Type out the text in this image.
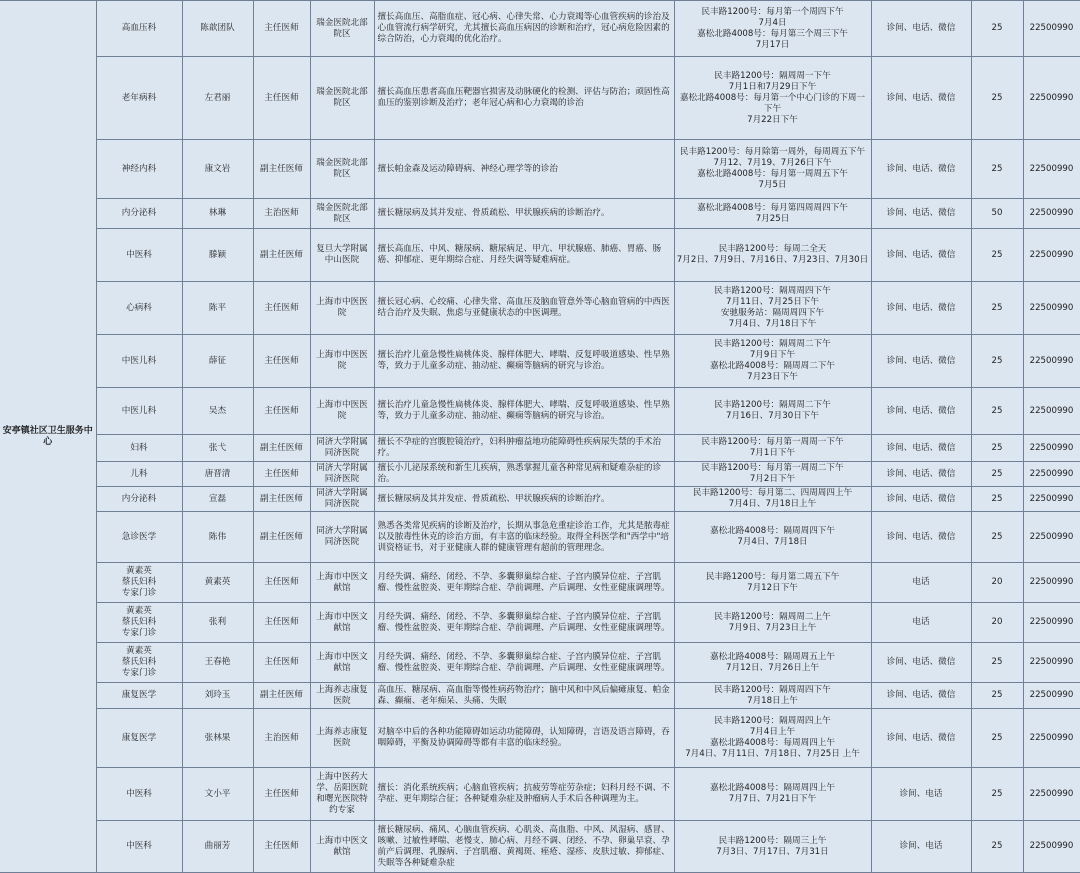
安亭镇社区卫生服务中心	高血压科	陈歆团队	主任医师	瑞金医院北部院区	擅长高血压、高脂血症、冠心病、心律失常、心力衰竭等心血管疾病的诊治及心血管流行病学研究，尤其擅长高血压病因的诊断和治疗，冠心病危险因素的综合防治，心力衰竭的优化治疗。	民丰路1200号：每月第一个周四下午
7月4日
嘉松北路4008号：每月第三个周三下午
7月17日	诊间、电话、微信	25	22500990
	老年病科	左君丽	主任医师	瑞金医院北部院区	擅长高血压患者高血压靶器官损害及动脉硬化的检测、评估与防治；顽固性高血压的鉴别诊断及治疗；老年冠心病和心力衰竭的诊治	民丰路1200号：隔周周一下午
7月1日和7月29日下午
嘉松北路4008号：每月第一个中心门诊的下周一下午
7月22日下午	诊间、电话、微信	25	22500990
	神经内科	康文岩	副主任医师	瑞金医院北部院区	擅长帕金森及运动障碍病、神经心理学等的诊治	民丰路1200号：每月除第一周外，每周周五下午
7月12、7月19、7月26日下午
嘉松北路4008号：每月第一周周五下午
7月5日	诊间、电话、微信	25	22500990
	内分泌科	林琳	主治医师	瑞金医院北部院区	擅长糖尿病及其并发症、骨质疏松、甲状腺疾病的诊断治疗。	嘉松北路4008号：每月第四周周四下午
7月25日	诊间、电话、微信	50	22500990
	中医科	滕颖	副主任医师	复旦大学附属中山医院	擅长高血压、中风、糖尿病、糖尿病足、甲亢、甲状腺癌、肺癌、胃癌、肠癌、抑郁症、更年期综合症、月经失调等疑难病症。	民丰路1200号：每周二全天
7月2日、7月9日、7月16日、7月23日、7月30日	诊间、电话、微信	25	22500990
	心病科	陈平	主任医师	上海市中医医院	擅长冠心病、心绞痛、心律失常、高血压及脑血管意外等心脑血管病的中西医结合治疗及失眠、焦虑与亚健康状态的中医调理。	民丰路1200号：隔周周四下午
7月11日、7月25日下午
安驰服务站：隔周周四下午
7月4日、7月18日下午	诊间、电话、微信	25	22500990
	中医儿科	薛征	主任医师	上海市中医医院	擅长治疗儿童急慢性扁桃体炎、腺样体肥大、哮喘、反复呼吸道感染、性早熟等，致力于儿童多动症、抽动症、癫痫等脑病的研究与诊治。	民丰路1200号：隔周周二下午
7月9日下午
嘉松北路4008号：隔周周二下午
7月23日下午	诊间、电话、微信	25	22500990
	中医儿科	吴杰	主任医师	上海市中医医院	擅长治疗儿童急慢性扁桃体炎、腺样体肥大、哮喘、反复呼吸道感染、性早熟等，致力于儿童多动症、抽动症、癫痫等脑病的研究与诊治。	民丰路1200号：隔周周二下午
7月16日、7月30日下午	诊间、电话、微信	25	22500990
	妇科	张弋	副主任医师	同济大学附属同济医院	擅长不孕症的宫腹腔镜治疗，妇科肿瘤益地功能障碍性疾病尿失禁的手术治疗。	民丰路1200号：每月第一周周一下午
7月1日下午	诊间、电话、微信	25	22500990
	儿科	唐晋清	主任医师	同济大学附属同济医院	擅长小儿泌尿系统和新生儿疾病，熟悉掌握儿童各种常见病和疑难杂症的诊治。	民丰路1200号：每月第一周周二下午
7月2日下午	诊间、电话、微信	25	22500990
	内分泌科	宣磊	副主任医师	同济大学附属同济医院	擅长糖尿病及其并发症、骨质疏松、甲状腺疾病的诊断治疗。	民丰路1200号：每月第二、四周周四上午
7月4日、7月18日上午	诊间、电话、微信	25	22500990
	急诊医学	陈伟	副主任医师	同济大学附属同济医院	熟悉各类常见疾病的诊断及治疗，长期从事急危重症诊治工作，尤其是脓毒症以及脓毒性休克的诊治方面，有丰富的临床经验。取得全科医学和"西学中"培训资格证书，对于亚健康人群的健康管理有超前的管理理念。	嘉松北路4008号：隔周周四下午
7月4日、7月18日	诊间、电话、微信	25	22500990
	黄素英
蔡氏妇科
专家门诊	黄素英	主任医师	上海市中医文献馆	月经失调、痛经、闭经、不孕、多囊卵巢综合症、子宫内膜异位症、子宫肌瘤、慢性盆腔炎、更年期综合症、孕前调理、产后调理、女性亚健康调理等。	民丰路1200号：每月第二周五下午
7月12日下午	电话	20	22500990
	黄素英
蔡氏妇科
专家门诊	张利	主任医师	上海市中医文献馆	月经失调、痛经、闭经、不孕、多囊卵巢综合症、子宫内膜异位症、子宫肌瘤、慢性盆腔炎、更年期综合症、孕前调理、产后调理、女性亚健康调理等。	民丰路1200号：隔周周二上午
7月9日、7月23日上午	电话	20	22500990
	黄素英
蔡氏妇科
专家门诊	王春艳	主任医师	上海市中医文献馆	月经失调、痛经、闭经、不孕、多囊卵巢综合症、子宫内膜异位症、子宫肌瘤、慢性盆腔炎、更年期综合症、孕前调理、产后调理、女性亚健康调理等。	嘉松北路4008号：隔周周五上午
7月12日、7月26日上午	诊间、电话、微信	25	22500990
	康复医学	刘玲玉	副主任医师	上海养志康复医院	高血压、糖尿病、高血脂等慢性病药物治疗；脑中风和中风后偏瘫康复、帕金森、癫痫、老年痴呆、头痛、失眠	民丰路1200号：隔周周四下午
7月18日上午	诊间、电话、微信	25	22500990
	康复医学	张林果	主治医师	上海养志康复医院	对脑卒中后的各种功能障碍如运动功能障碍，认知障碍，言语及语言障碍，吞咽障碍，平衡及协调障碍等都有丰富的临床经验。	民丰路1200号：隔周周四上午
7月4日上午
嘉松北路4008号：每周周四上午
7月4日、7月11日、7月18日、7月25日 上午	诊间、电话、微信	25	22500990
	中医科	文小平	主任医师	上海中医药大学、岳阳医院和曙光医院特约专家	擅长：消化系统疾病；心脑血管疾病；抗疲劳等症劳杂症；妇科月经不调、不孕症、更年期综合征；各种疑难杂症及肿瘤病人手术后各种调理为主。	嘉松北路4008号：隔周周四上午
7月7日、7月21日下午	诊间、电话	25	22500990
	中医科	曲丽芳	主任医师	上海市中医文献馆	擅长糖尿病、痛风、心脑血管疾病、心肌炎、高血脂、中风、风湿病、感冒、咳嗽、过敏性哮喘、老慢支、肺心病、月经不调、闭经、不孕、卵巢早衰、孕前产后调理、乳腺病、子宫肌瘤、黄褐斑、痤疮、湿疹、皮肤过敏、抑郁症、失眠等各种疑难杂症	民丰路1200号：隔周三上午
7月3日、7月17日、7月31日	诊间、电话	25	22500990
